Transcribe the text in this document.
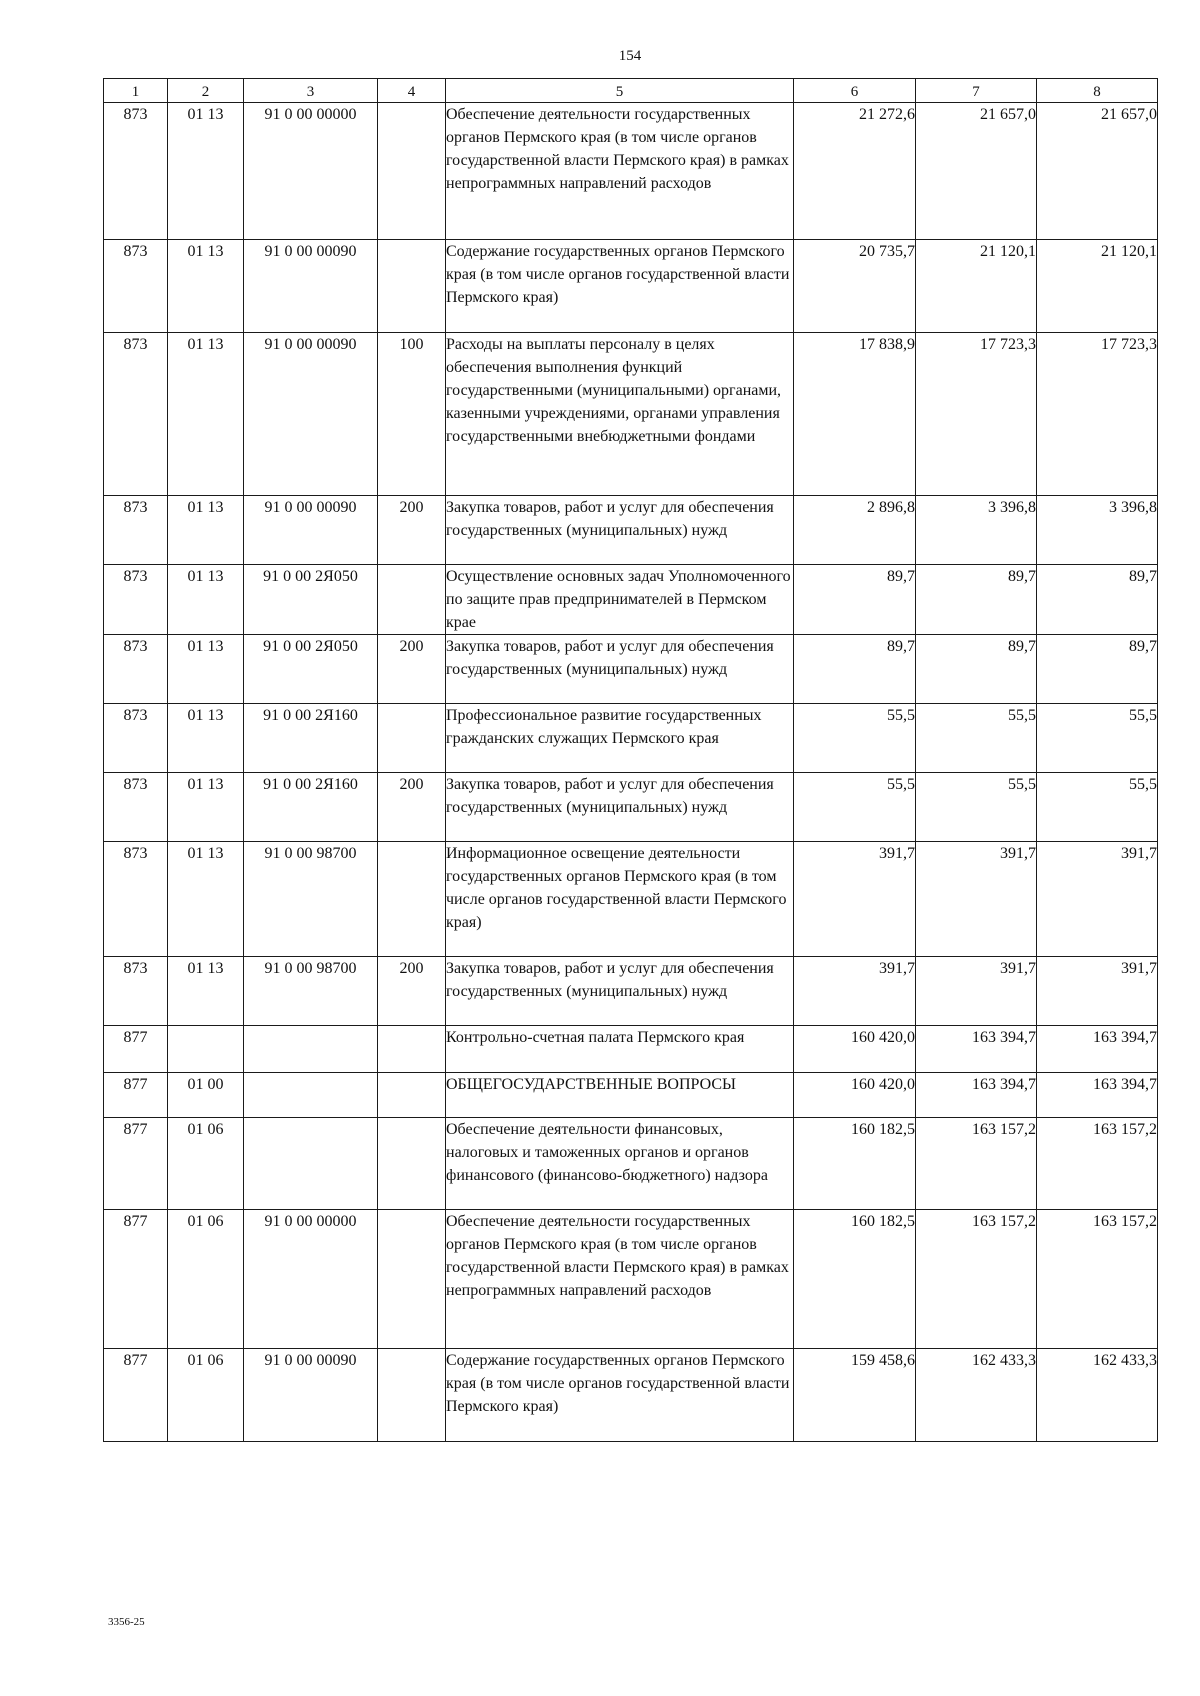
154
1	2	3	4	5	6	7	8
873	01 13	91 0 00 00000		Обеспечение деятельности государственных органов Пермского края (в том числе органов государственной власти Пермского края) в рамках непрограммных направлений расходов	21 272,6	21 657,0	21 657,0
873	01 13	91 0 00 00090		Содержание государственных органов Пермского края (в том числе органов государственной власти Пермского края)	20 735,7	21 120,1	21 120,1
873	01 13	91 0 00 00090	100	Расходы на выплаты персоналу в целях обеспечения выполнения функций государственными (муниципальными) органами, казенными учреждениями, органами управления государственными внебюджетными фондами	17 838,9	17 723,3	17 723,3
873	01 13	91 0 00 00090	200	Закупка товаров, работ и услуг для обеспечения государственных (муниципальных) нужд	2 896,8	3 396,8	3 396,8
873	01 13	91 0 00 2Я050		Осуществление основных задач Уполномоченного по защите прав предпринимателей в Пермском крае	89,7	89,7	89,7
873	01 13	91 0 00 2Я050	200	Закупка товаров, работ и услуг для обеспечения государственных (муниципальных) нужд	89,7	89,7	89,7
873	01 13	91 0 00 2Я160		Профессиональное развитие государственных гражданских служащих Пермского края	55,5	55,5	55,5
873	01 13	91 0 00 2Я160	200	Закупка товаров, работ и услуг для обеспечения государственных (муниципальных) нужд	55,5	55,5	55,5
873	01 13	91 0 00 98700		Информационное освещение деятельности государственных органов Пермского края (в том числе органов государственной власти Пермского края)	391,7	391,7	391,7
873	01 13	91 0 00 98700	200	Закупка товаров, работ и услуг для обеспечения государственных (муниципальных) нужд	391,7	391,7	391,7
877				Контрольно-счетная палата Пермского края	160 420,0	163 394,7	163 394,7
877	01 00			ОБЩЕГОСУДАРСТВЕННЫЕ ВОПРОСЫ	160 420,0	163 394,7	163 394,7
877	01 06			Обеспечение деятельности финансовых, налоговых и таможенных органов и органов финансового (финансово-бюджетного) надзора	160 182,5	163 157,2	163 157,2
877	01 06	91 0 00 00000		Обеспечение деятельности государственных органов Пермского края (в том числе органов государственной власти Пермского края) в рамках непрограммных направлений расходов	160 182,5	163 157,2	163 157,2
877	01 06	91 0 00 00090		Содержание государственных органов Пермского края (в том числе органов государственной власти Пермского края)	159 458,6	162 433,3	162 433,3
3356-25
